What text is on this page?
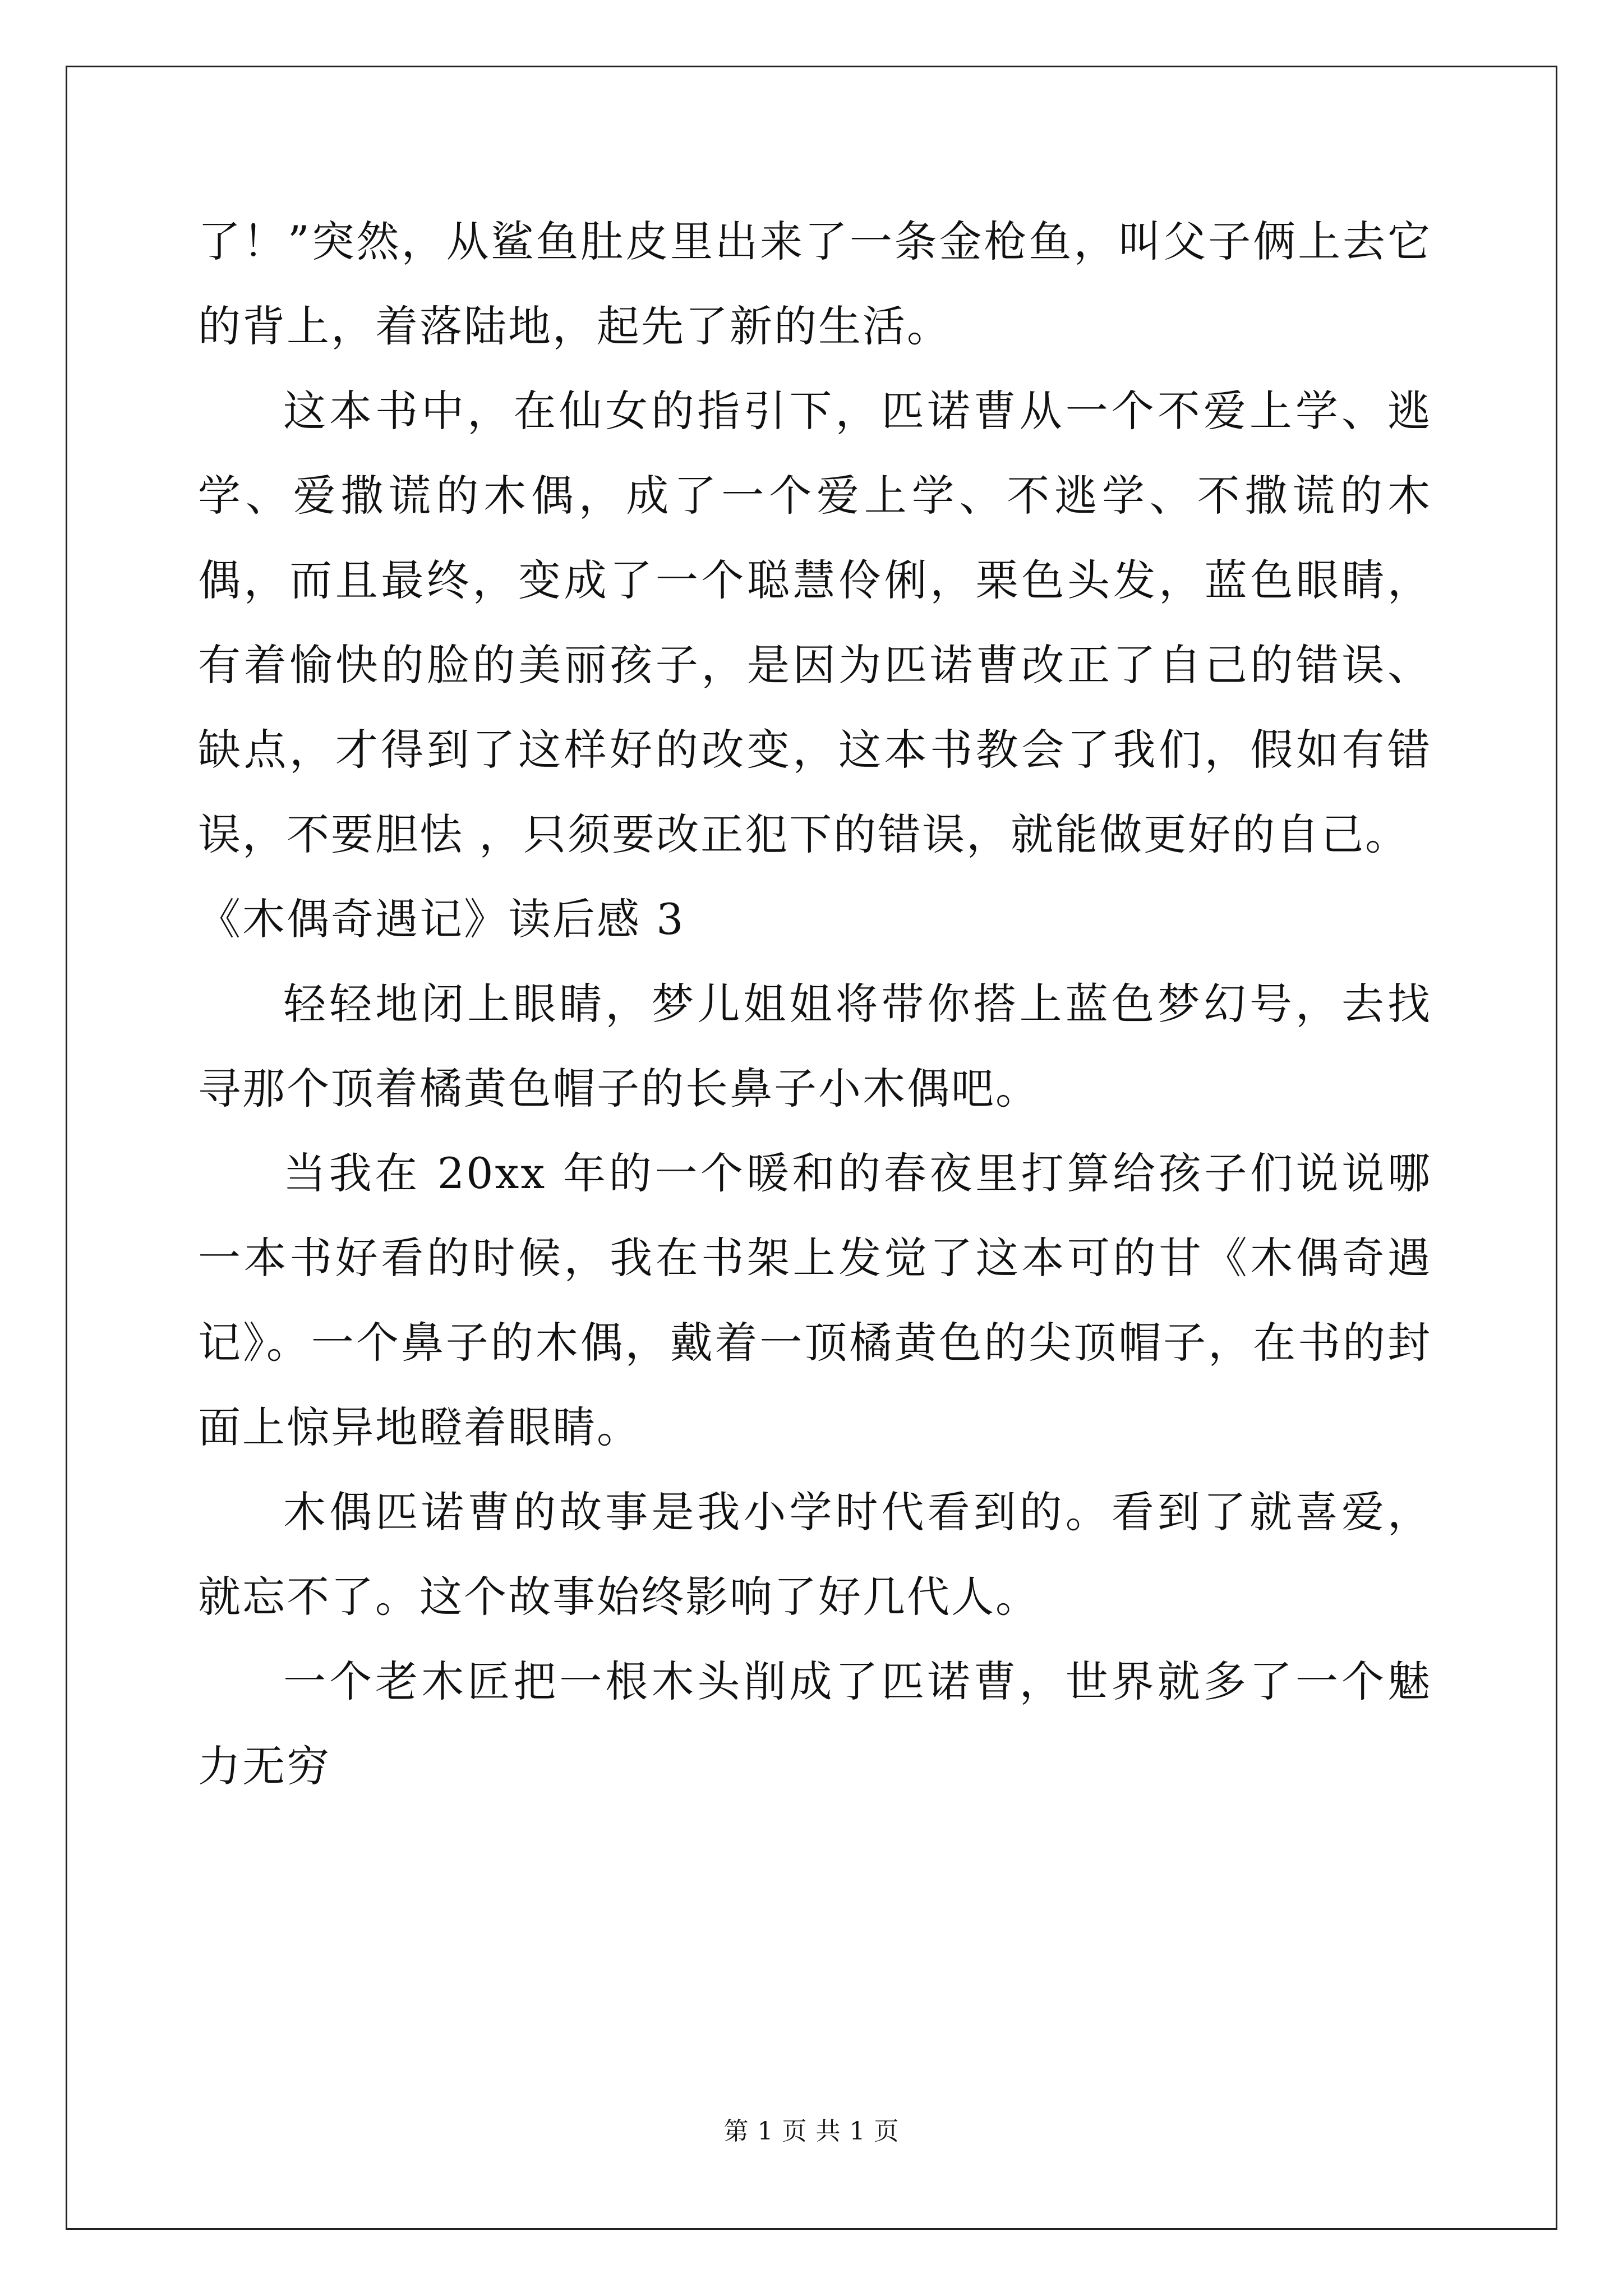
了！”突然，从鲨鱼肚皮里出来了一条金枪鱼，叫父子俩上去它的背上，着落陆地，起先了新的生活。

这本书中，在仙女的指引下，匹诺曹从一个不爱上学、逃学、爱撒谎的木偶，成了一个爱上学、不逃学、不撒谎的木偶，而且最终，变成了一个聪慧伶俐，栗色头发，蓝色眼睛，有着愉快的脸的美丽孩子，是因为匹诺曹改正了自己的错误、缺点，才得到了这样好的改变，这本书教会了我们，假如有错误，不要胆怯 ，只须要改正犯下的错误，就能做更好的自己。

《木偶奇遇记》读后感 3

轻轻地闭上眼睛，梦儿姐姐将带你搭上蓝色梦幻号，去找寻那个顶着橘黄色帽子的长鼻子小木偶吧。

当我在 20xx 年的一个暖和的春夜里打算给孩子们说说哪一本书好看的时候，我在书架上发觉了这本可的甘《木偶奇遇记》。一个鼻子的木偶，戴着一顶橘黄色的尖顶帽子，在书的封面上惊异地瞪着眼睛。

木偶匹诺曹的故事是我小学时代看到的。看到了就喜爱，就忘不了。这个故事始终影响了好几代人。

一个老木匠把一根木头削成了匹诺曹，世界就多了一个魅力无穷

第 1 页 共 1 页
